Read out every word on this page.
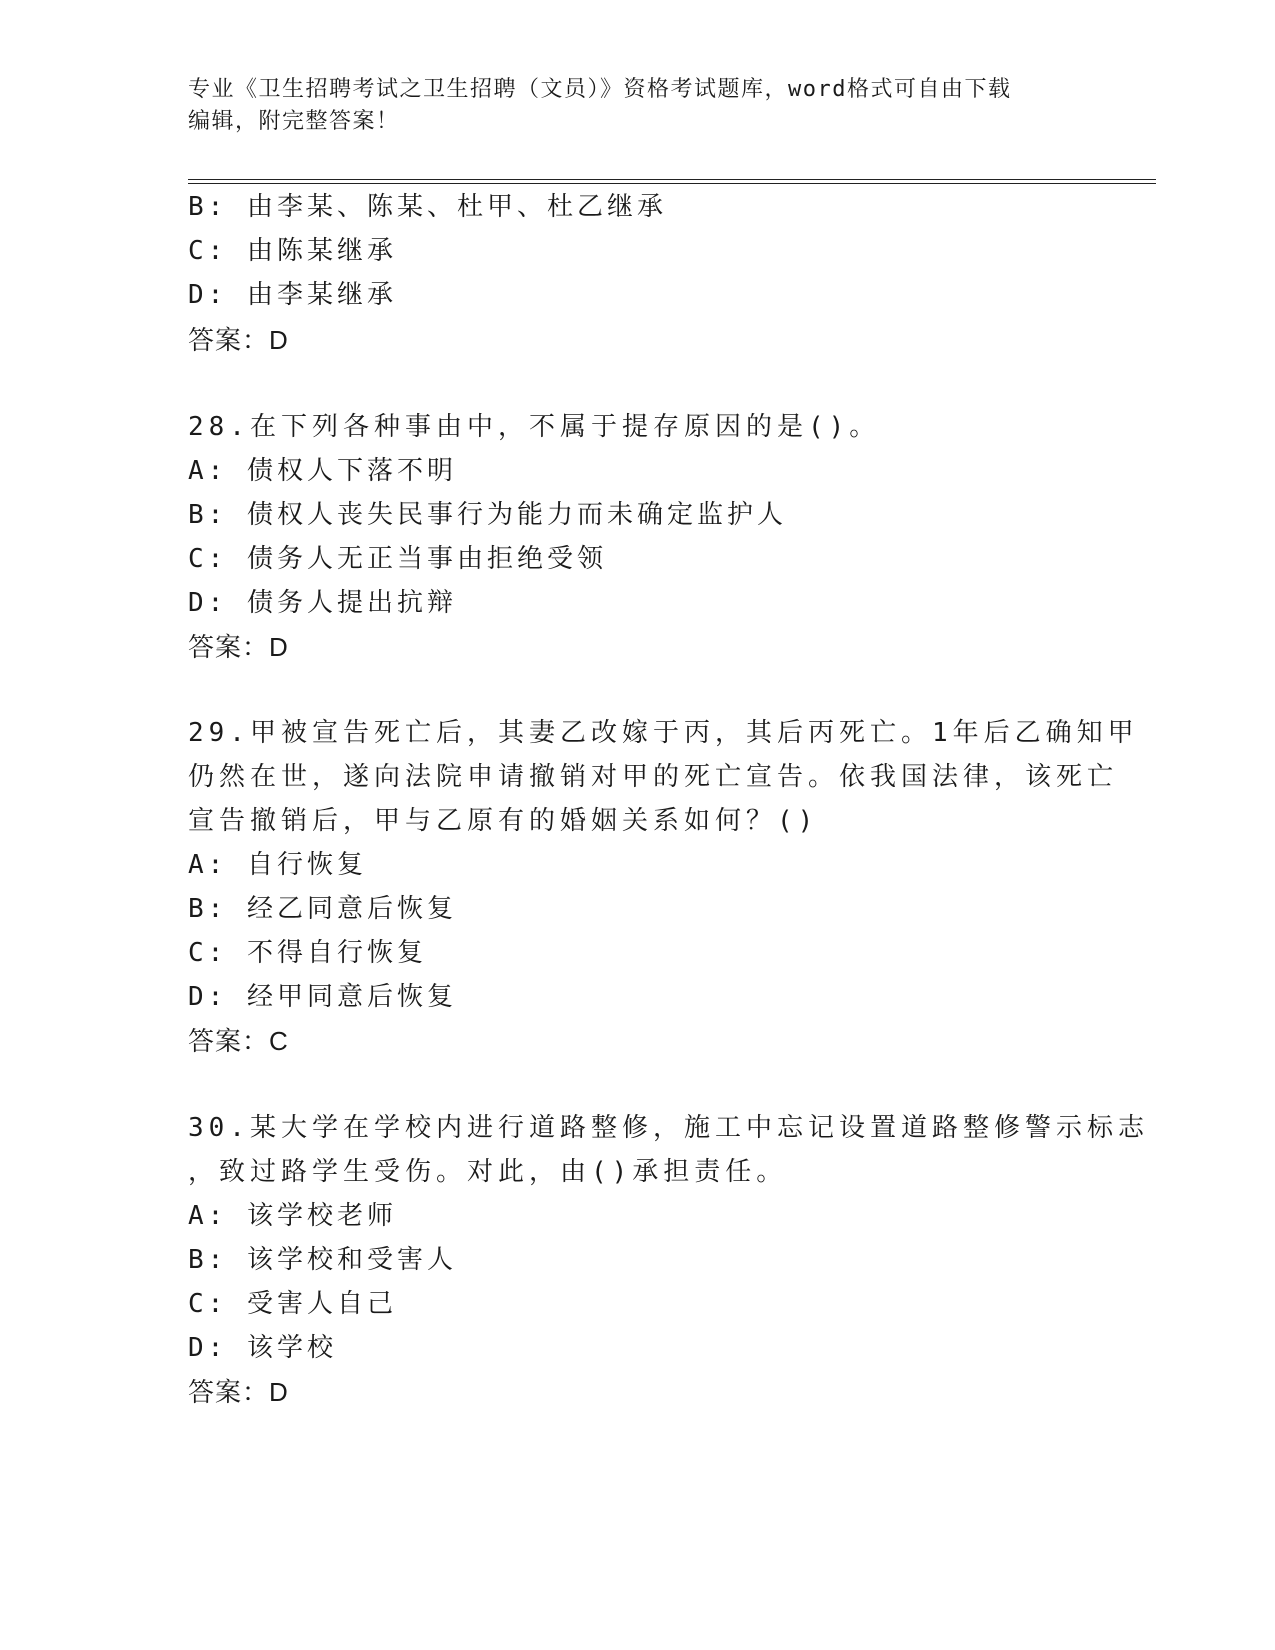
专业《卫生招聘考试之卫生招聘（文员）》资格考试题库，word格式可自由下载
编辑，附完整答案！
B: 由李某、陈某、杜甲、杜乙继承
C: 由陈某继承
D: 由李某继承
答案：D
28.在下列各种事由中，不属于提存原因的是()。
A: 债权人下落不明
B: 债权人丧失民事行为能力而未确定监护人
C: 债务人无正当事由拒绝受领
D: 债务人提出抗辩
答案：D
29.甲被宣告死亡后，其妻乙改嫁于丙，其后丙死亡。1年后乙确知甲
仍然在世，遂向法院申请撤销对甲的死亡宣告。依我国法律，该死亡
宣告撤销后，甲与乙原有的婚姻关系如何？()
A: 自行恢复
B: 经乙同意后恢复
C: 不得自行恢复
D: 经甲同意后恢复
答案：C
30.某大学在学校内进行道路整修，施工中忘记设置道路整修警示标志
，致过路学生受伤。对此，由()承担责任。
A: 该学校老师
B: 该学校和受害人
C: 受害人自己
D: 该学校
答案：D
